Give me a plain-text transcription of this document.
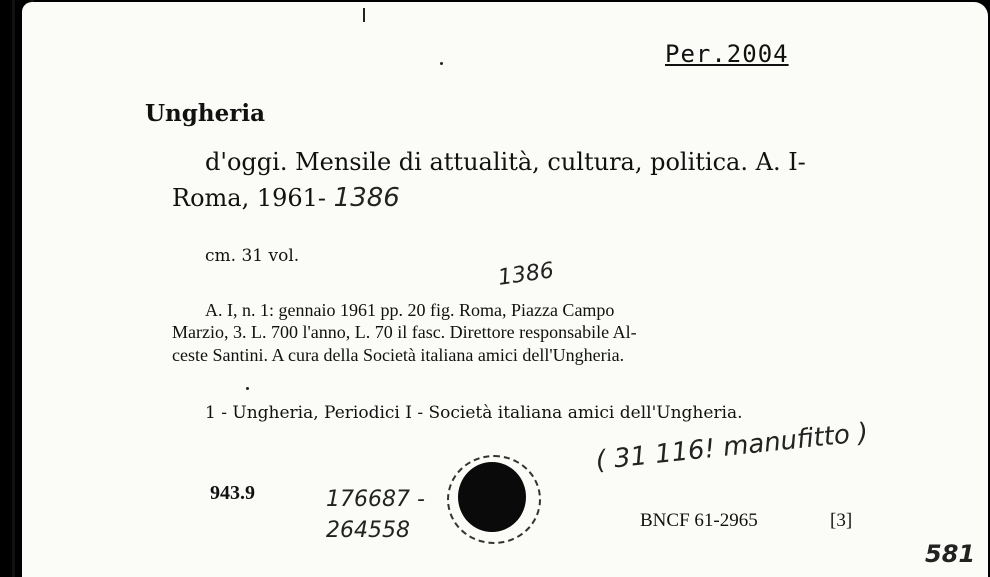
Per.2004
Ungheria
d'oggi. Mensile di attualità, cultura, politica. A. I-
Roma, 1961- 1386
cm. 31 vol.
1386
A. I, n. 1: gennaio 1961 pp. 20 fig. Roma, Piazza Campo
Marzio, 3. L. 700 l'anno, L. 70 il fasc. Direttore responsabile Al-
ceste Santini. A cura della Società italiana amici dell'Ungheria.
1 - Ungheria, Periodici I - Società italiana amici dell'Ungheria.
( 31 116! manufitto )
943.9	176687 -
264558	BNCF 61-2965	[3]
581
